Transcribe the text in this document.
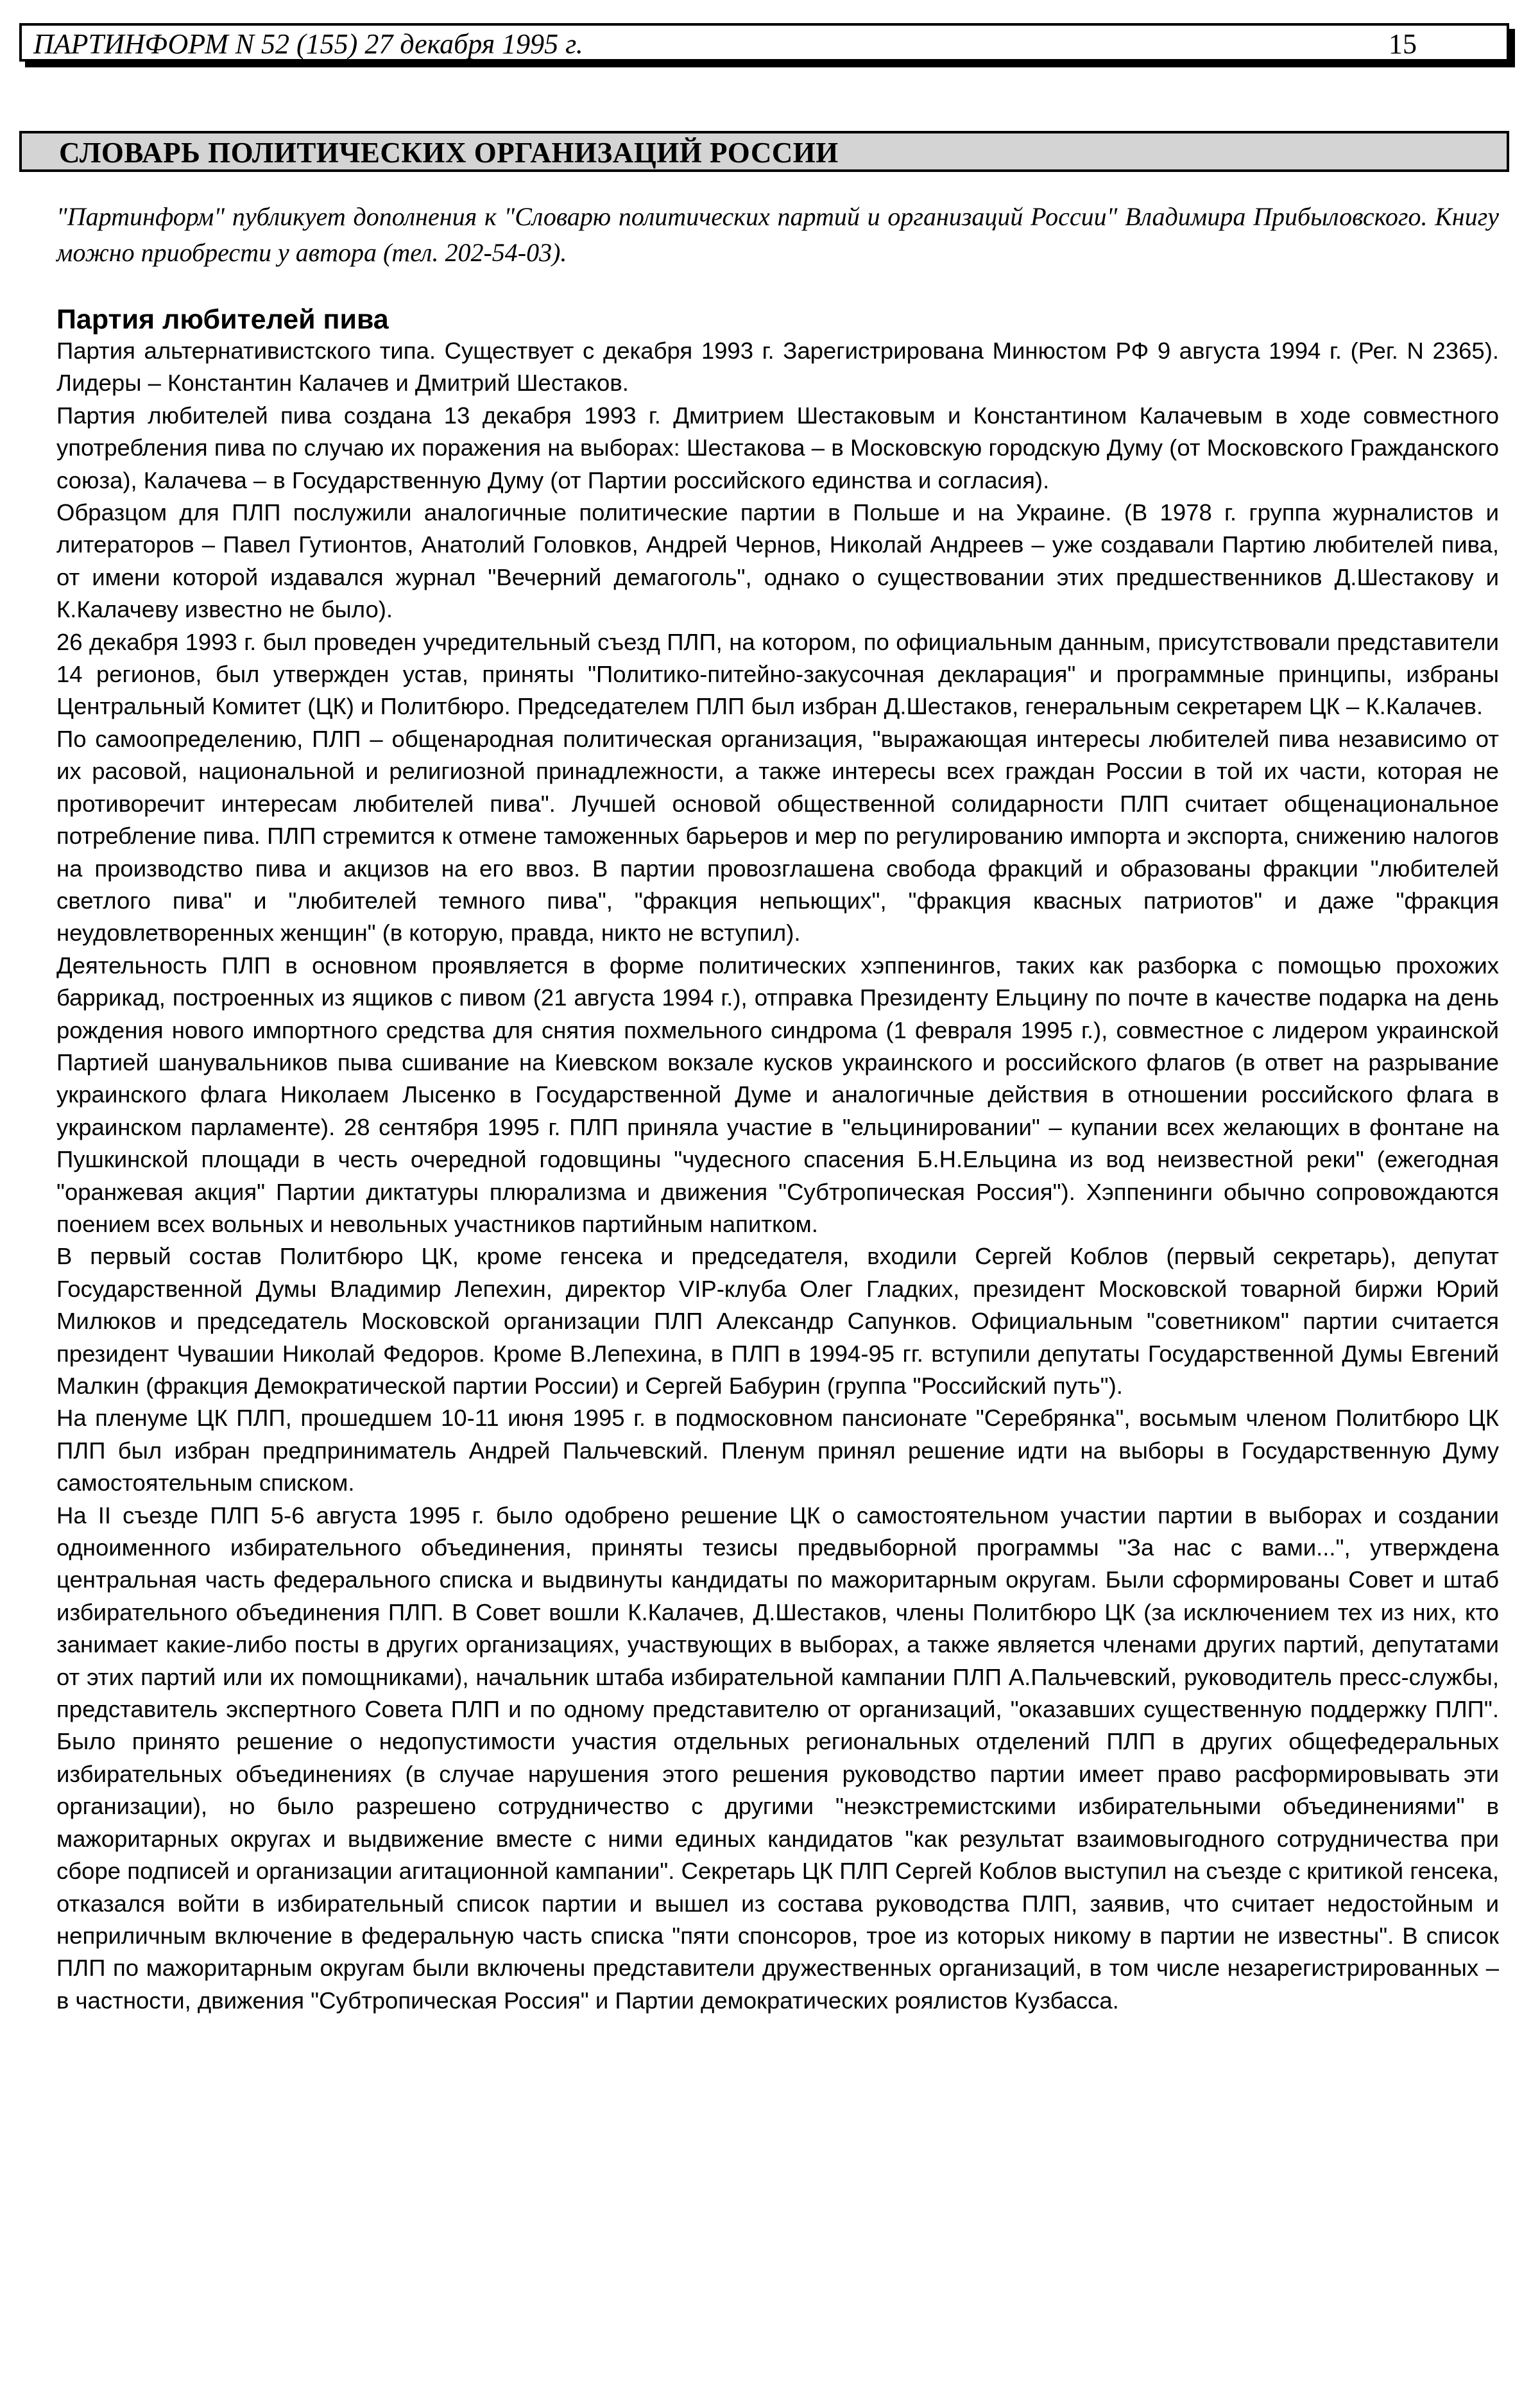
ПАРТИНФОРМ N 52 (155) 27 декабря 1995 г.	15
СЛОВАРЬ ПОЛИТИЧЕСКИХ ОРГАНИЗАЦИЙ РОССИИ

"Партинформ" публикует дополнения к "Словарю политических партий и организаций России" Владимира Прибыловского. Книгу можно приобрести у автора (тел. 202-54-03).

Партия любителей пива

Партия альтернативистского типа. Существует с декабря 1993 г. Зарегистрирована Минюстом РФ 9 августа 1994 г. (Рег. N 2365). Лидеры – Константин Калачев и Дмитрий Шестаков.

Партия любителей пива создана 13 декабря 1993 г. Дмитрием Шестаковым и Константином Калачевым в ходе совместного употребления пива по случаю их поражения на выборах: Шестакова – в Московскую городскую Думу (от Московского Гражданского союза), Калачева – в Государственную Думу (от Партии российского единства и согласия).

Образцом для ПЛП послужили аналогичные политические партии в Польше и на Украине. (В 1978 г. группа журналистов и литераторов – Павел Гутионтов, Анатолий Головков, Андрей Чернов, Николай Андреев – уже создавали Партию любителей пива, от имени которой издавался журнал "Вечерний демагоголь", однако о существовании этих предшественников Д.Шестакову и К.Калачеву известно не было).

26 декабря 1993 г. был проведен учредительный съезд ПЛП, на котором, по официальным данным, присутствовали представители 14 регионов, был утвержден устав, приняты "Политико-питейно-закусочная декларация" и программные принципы, избраны Центральный Комитет (ЦК) и Политбюро. Председателем ПЛП был избран Д.Шестаков, генеральным секретарем ЦК – К.Калачев.

По самоопределению, ПЛП – общенародная политическая организация, "выражающая интересы любителей пива независимо от их расовой, национальной и религиозной принадлежности, а также интересы всех граждан России в той их части, которая не противоречит интересам любителей пива". Лучшей основой общественной солидарности ПЛП считает общенациональное потребление пива. ПЛП стремится к отмене таможенных барьеров и мер по регулированию импорта и экспорта, снижению налогов на производство пива и акцизов на его ввоз. В партии провозглашена свобода фракций и образованы фракции "любителей светлого пива" и "любителей темного пива", "фракция непьющих", "фракция квасных патриотов" и даже "фракция неудовлетворенных женщин" (в которую, правда, никто не вступил).

Деятельность ПЛП в основном проявляется в форме политических хэппенингов, таких как разборка с помощью прохожих баррикад, построенных из ящиков с пивом (21 августа 1994 г.), отправка Президенту Ельцину по почте в качестве подарка на день рождения нового импортного средства для снятия похмельного синдрома (1 февраля 1995 г.), совместное с лидером украинской Партией шанувальников пыва сшивание на Киевском вокзале кусков украинского и российского флагов (в ответ на разрывание украинского флага Николаем Лысенко в Государственной Думе и аналогичные действия в отношении российского флага в украинском парламенте). 28 сентября 1995 г. ПЛП приняла участие в "ельцинировании" – купании всех желающих в фонтане на Пушкинской площади в честь очередной годовщины "чудесного спасения Б.Н.Ельцина из вод неизвестной реки" (ежегодная "оранжевая акция" Партии диктатуры плюрализма и движения "Субтропическая Россия"). Хэппенинги обычно сопровождаются поением всех вольных и невольных участников партийным напитком.

В первый состав Политбюро ЦК, кроме генсека и председателя, входили Сергей Коблов (первый секретарь), депутат Государственной Думы Владимир Лепехин, директор VIP-клуба Олег Гладких, президент Московской товарной биржи Юрий Милюков и председатель Московской организации ПЛП Александр Сапунков. Официальным "советником" партии считается президент Чувашии Николай Федоров. Кроме В.Лепехина, в ПЛП в 1994-95 гг. вступили депутаты Государственной Думы Евгений Малкин (фракция Демократической партии России) и Сергей Бабурин (группа "Российский путь").

На пленуме ЦК ПЛП, прошедшем 10-11 июня 1995 г. в подмосковном пансионате "Серебрянка", восьмым членом Политбюро ЦК ПЛП был избран предприниматель Андрей Пальчевский. Пленум принял решение идти на выборы в Государственную Думу самостоятельным списком.

На II съезде ПЛП 5-6 августа 1995 г. было одобрено решение ЦК о самостоятельном участии партии в выборах и создании одноименного избирательного объединения, приняты тезисы предвыборной программы "За нас с вами...", утверждена центральная часть федерального списка и выдвинуты кандидаты по мажоритарным округам. Были сформированы Совет и штаб избирательного объединения ПЛП. В Совет вошли К.Калачев, Д.Шестаков, члены Политбюро ЦК (за исключением тех из них, кто занимает какие-либо посты в других организациях, участвующих в выборах, а также является членами других партий, депутатами от этих партий или их помощниками), начальник штаба избирательной кампании ПЛП А.Пальчевский, руководитель пресс-службы, представитель экспертного Совета ПЛП и по одному представителю от организаций, "оказавших существенную поддержку ПЛП". Было принято решение о недопустимости участия отдельных региональных отделений ПЛП в других общефедеральных избирательных объединениях (в случае нарушения этого решения руководство партии имеет право расформировывать эти организации), но было разрешено сотрудничество с другими "неэкстремистскими избирательными объединениями" в мажоритарных округах и выдвижение вместе с ними единых кандидатов "как результат взаимовыгодного сотрудничества при сборе подписей и организации агитационной кампании". Секретарь ЦК ПЛП Сергей Коблов выступил на съезде с критикой генсека, отказался войти в избирательный список партии и вышел из состава руководства ПЛП, заявив, что считает недостойным и неприличным включение в федеральную часть списка "пяти спонсоров, трое из которых никому в партии не известны". В список ПЛП по мажоритарным округам были включены представители дружественных организаций, в том числе незарегистрированных – в частности, движения "Субтропическая Россия" и Партии демократических роялистов Кузбасса.
